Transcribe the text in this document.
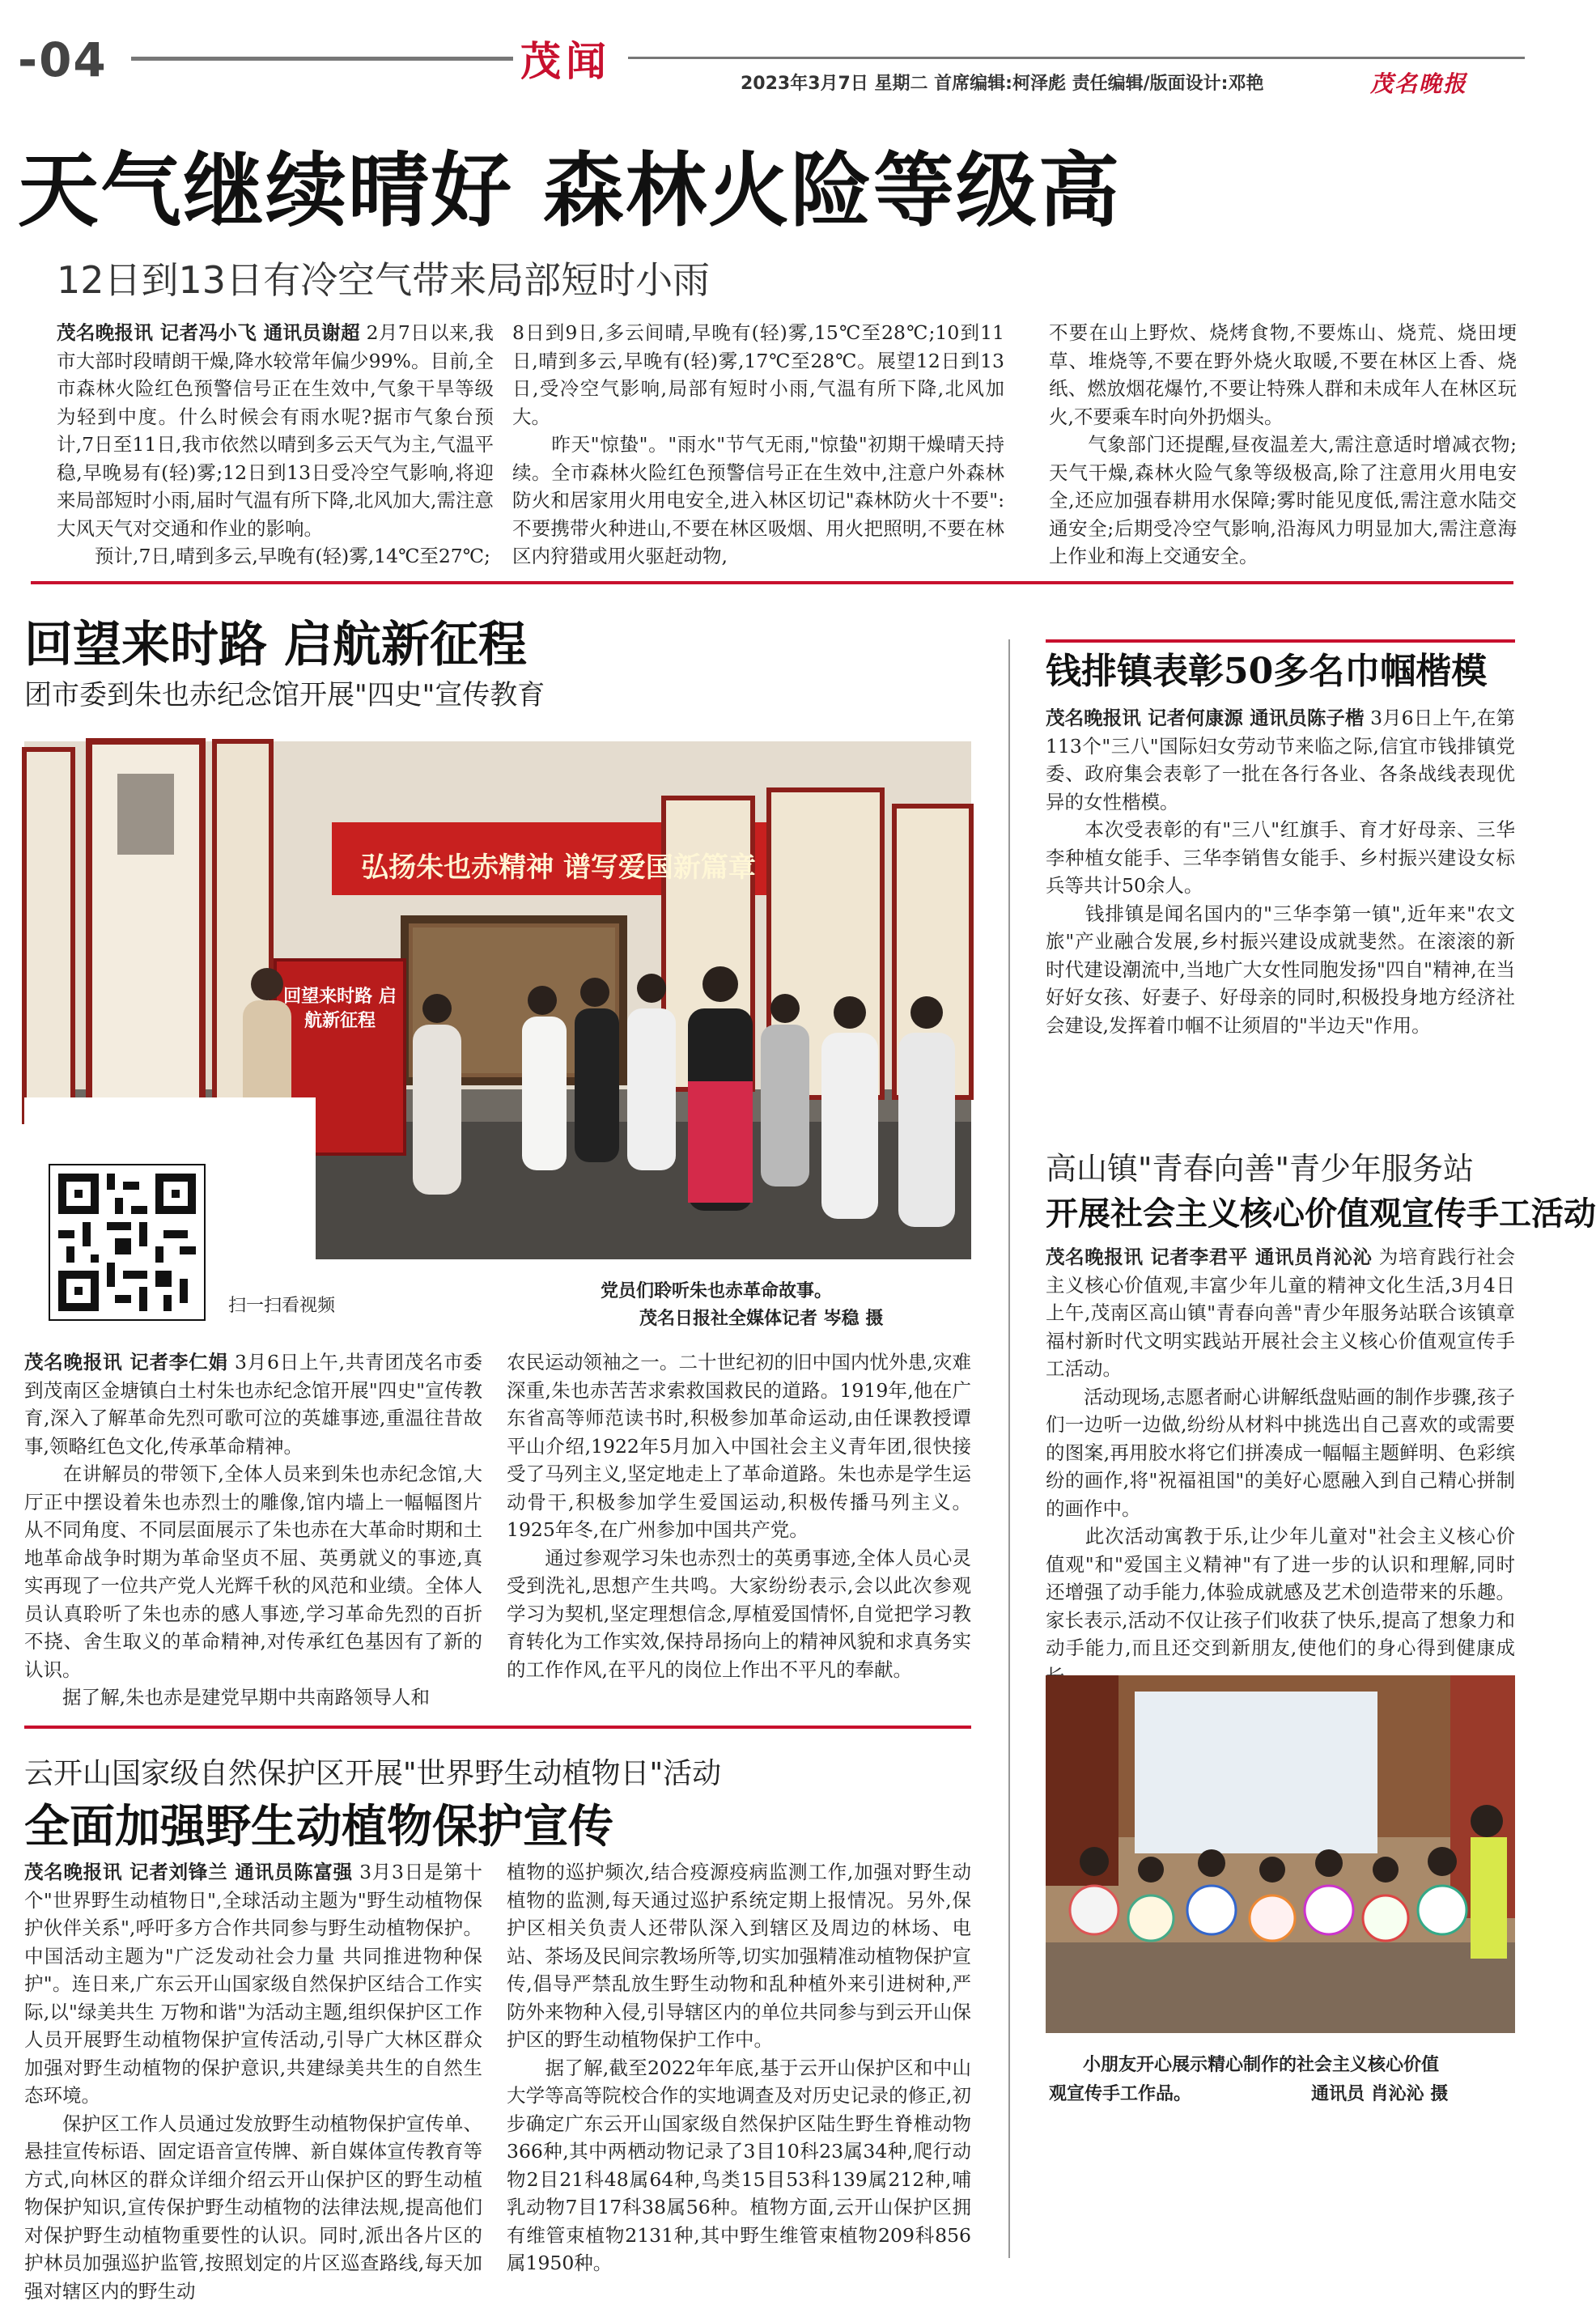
-04	茂闻	2023年3月7日 星期二 首席编辑:柯泽彪 责任编辑/版面设计:邓艳	茂名晚报
天气继续晴好 森林火险等级高
12日到13日有冷空气带来局部短时小雨

茂名晚报讯 记者冯小飞 通讯员谢超 2月7日以来,我市大部时段晴朗干燥,降水较常年偏少99%。目前,全市森林火险红色预警信号正在生效中,气象干旱等级为轻到中度。什么时候会有雨水呢?据市气象台预计,7日至11日,我市依然以晴到多云天气为主,气温平稳,早晚易有(轻)雾;12日到13日受冷空气影响,将迎来局部短时小雨,届时气温有所下降,北风加大,需注意大风天气对交通和作业的影响。
　　预计,7日,晴到多云,早晚有(轻)雾,14℃至27℃;

8日到9日,多云间晴,早晚有(轻)雾,15℃至28℃;10到11日,晴到多云,早晚有(轻)雾,17℃至28℃。展望12日到13日,受冷空气影响,局部有短时小雨,气温有所下降,北风加大。
　　昨天"惊蛰"。"雨水"节气无雨,"惊蛰"初期干燥晴天持续。全市森林火险红色预警信号正在生效中,注意户外森林防火和居家用火用电安全,进入林区切记"森林防火十不要":不要携带火种进山,不要在林区吸烟、用火把照明,不要在林区内狩猎或用火驱赶动物,

不要在山上野炊、烧烤食物,不要炼山、烧荒、烧田埂草、堆烧等,不要在野外烧火取暖,不要在林区上香、烧纸、燃放烟花爆竹,不要让特殊人群和未成年人在林区玩火,不要乘车时向外扔烟头。
　　气象部门还提醒,昼夜温差大,需注意适时增减衣物;天气干燥,森林火险气象等级极高,除了注意用火用电安全,还应加强春耕用水保障;雾时能见度低,需注意水陆交通安全;后期受冷空气影响,沿海风力明显加大,需注意海上作业和海上交通安全。

回望来时路 启航新征程
团市委到朱也赤纪念馆开展"四史"宣传教育
弘扬朱也赤精神 谱写爱国新篇章
回望来时路 启航新征程
扫一扫看视频
党员们聆听朱也赤革命故事。
茂名日报社全媒体记者 岑稳 摄

茂名晚报讯 记者李仁娟 3月6日上午,共青团茂名市委到茂南区金塘镇白土村朱也赤纪念馆开展"四史"宣传教育,深入了解革命先烈可歌可泣的英雄事迹,重温往昔故事,领略红色文化,传承革命精神。
　　在讲解员的带领下,全体人员来到朱也赤纪念馆,大厅正中摆设着朱也赤烈士的雕像,馆内墙上一幅幅图片从不同角度、不同层面展示了朱也赤在大革命时期和土地革命战争时期为革命坚贞不屈、英勇就义的事迹,真实再现了一位共产党人光辉千秋的风范和业绩。全体人员认真聆听了朱也赤的感人事迹,学习革命先烈的百折不挠、舍生取义的革命精神,对传承红色基因有了新的认识。
　　据了解,朱也赤是建党早期中共南路领导人和

农民运动领袖之一。二十世纪初的旧中国内忧外患,灾难深重,朱也赤苦苦求索救国救民的道路。1919年,他在广东省高等师范读书时,积极参加革命运动,由任课教授谭平山介绍,1922年5月加入中国社会主义青年团,很快接受了马列主义,坚定地走上了革命道路。朱也赤是学生运动骨干,积极参加学生爱国运动,积极传播马列主义。1925年冬,在广州参加中国共产党。
　　通过参观学习朱也赤烈士的英勇事迹,全体人员心灵受到洗礼,思想产生共鸣。大家纷纷表示,会以此次参观学习为契机,坚定理想信念,厚植爱国情怀,自觉把学习教育转化为工作实效,保持昂扬向上的精神风貌和求真务实的工作作风,在平凡的岗位上作出不平凡的奉献。

云开山国家级自然保护区开展"世界野生动植物日"活动
全面加强野生动植物保护宣传

茂名晚报讯 记者刘锋兰 通讯员陈富强 3月3日是第十个"世界野生动植物日",全球活动主题为"野生动植物保护伙伴关系",呼吁多方合作共同参与野生动植物保护。中国活动主题为"广泛发动社会力量 共同推进物种保护"。连日来,广东云开山国家级自然保护区结合工作实际,以"绿美共生 万物和谐"为活动主题,组织保护区工作人员开展野生动植物保护宣传活动,引导广大林区群众加强对野生动植物的保护意识,共建绿美共生的自然生态环境。
　　保护区工作人员通过发放野生动植物保护宣传单、悬挂宣传标语、固定语音宣传牌、新自媒体宣传教育等方式,向林区的群众详细介绍云开山保护区的野生动植物保护知识,宣传保护野生动植物的法律法规,提高他们对保护野生动植物重要性的认识。同时,派出各片区的护林员加强巡护监管,按照划定的片区巡查路线,每天加强对辖区内的野生动

植物的巡护频次,结合疫源疫病监测工作,加强对野生动植物的监测,每天通过巡护系统定期上报情况。另外,保护区相关负责人还带队深入到辖区及周边的林场、电站、茶场及民间宗教场所等,切实加强精准动植物保护宣传,倡导严禁乱放生野生动物和乱种植外来引进树种,严防外来物种入侵,引导辖区内的单位共同参与到云开山保护区的野生动植物保护工作中。
　　据了解,截至2022年年底,基于云开山保护区和中山大学等高等院校合作的实地调查及对历史记录的修正,初步确定广东云开山国家级自然保护区陆生野生脊椎动物366种,其中两栖动物记录了3目10科23属34种,爬行动物2目21科48属64种,鸟类15目53科139属212种,哺乳动物7目17科38属56种。植物方面,云开山保护区拥有维管束植物2131种,其中野生维管束植物209科856属1950种。

钱排镇表彰50多名巾帼楷模

茂名晚报讯 记者何康源 通讯员陈子楷 3月6日上午,在第113个"三八"国际妇女劳动节来临之际,信宜市钱排镇党委、政府集会表彰了一批在各行各业、各条战线表现优异的女性楷模。
　　本次受表彰的有"三八"红旗手、育才好母亲、三华李种植女能手、三华李销售女能手、乡村振兴建设女标兵等共计50余人。
　　钱排镇是闻名国内的"三华李第一镇",近年来"农文旅"产业融合发展,乡村振兴建设成就斐然。在滚滚的新时代建设潮流中,当地广大女性同胞发扬"四自"精神,在当好好女孩、好妻子、好母亲的同时,积极投身地方经济社会建设,发挥着巾帼不让须眉的"半边天"作用。

高山镇"青春向善"青少年服务站
开展社会主义核心价值观宣传手工活动

茂名晚报讯 记者李君平 通讯员肖沁沁 为培育践行社会主义核心价值观,丰富少年儿童的精神文化生活,3月4日上午,茂南区高山镇"青春向善"青少年服务站联合该镇章福村新时代文明实践站开展社会主义核心价值观宣传手工活动。
　　活动现场,志愿者耐心讲解纸盘贴画的制作步骤,孩子们一边听一边做,纷纷从材料中挑选出自己喜欢的或需要的图案,再用胶水将它们拼凑成一幅幅主题鲜明、色彩缤纷的画作,将"祝福祖国"的美好心愿融入到自己精心拼制的画作中。
　　此次活动寓教于乐,让少年儿童对"社会主义核心价值观"和"爱国主义精神"有了进一步的认识和理解,同时还增强了动手能力,体验成就感及艺术创造带来的乐趣。家长表示,活动不仅让孩子们收获了快乐,提高了想象力和动手能力,而且还交到新朋友,使他们的身心得到健康成

小朋友开心展示精心制作的社会主义核心价值
观宣传手工作品。	通讯员 肖沁沁 摄
